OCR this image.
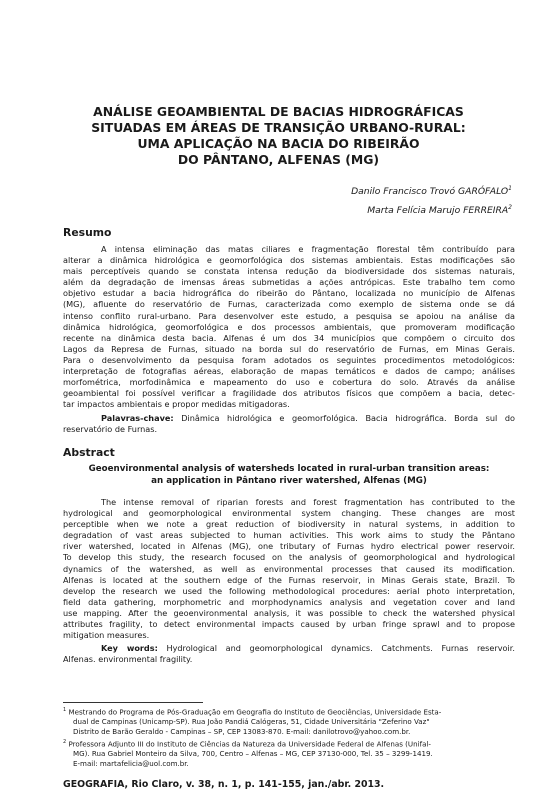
ANÁLISE GEOAMBIENTAL DE BACIAS HIDROGRÁFICAS
SITUADAS EM ÁREAS DE TRANSIÇÃO URBANO-RURAL:
UMA APLICAÇÃO NA BACIA DO RIBEIRÃO
DO PÂNTANO, ALFENAS (MG)
Danilo Francisco Trovó GARÓFALO$^1$
Marta Felícia Marujo FERREIRA$^2$
Resumo
A intensa eliminação das matas ciliares e fragmentação florestal têm contribuído para
alterar a dinâmica hidrológica e geomorfológica dos sistemas ambientais. Estas modificações são
mais perceptíveis quando se constata intensa redução da biodiversidade dos sistemas naturais,
além da degradação de imensas áreas submetidas a ações antrópicas. Este trabalho tem como
objetivo estudar a bacia hidrográfica do ribeirão do Pântano, localizada no município de Alfenas
(MG), afluente do reservatório de Furnas, caracterizada como exemplo de sistema onde se dá
intenso conflito rural-urbano. Para desenvolver este estudo, a pesquisa se apoiou na análise da
dinâmica hidrológica, geomorfológica e dos processos ambientais, que promoveram modificação
recente na dinâmica desta bacia. Alfenas é um dos 34 municípios que compõem o circuito dos
Lagos da Represa de Furnas, situado na borda sul do reservatório de Furnas, em Minas Gerais.
Para o desenvolvimento da pesquisa foram adotados os seguintes procedimentos metodológicos:
interpretação de fotografias aéreas, elaboração de mapas temáticos e dados de campo; análises
morfométrica, morfodinâmica e mapeamento do uso e cobertura do solo. Através da análise
geoambiental foi possível verificar a fragilidade dos atributos físicos que compõem a bacia, detec-
tar impactos ambientais e propor medidas mitigadoras.
Palavras-chave: Dinâmica hidrológica e geomorfológica. Bacia hidrográfica. Borda sul do
reservatório de Furnas.
Abstract
Geoenvironmental analysis of watersheds located in rural-urban transition areas:
an application in Pântano river watershed, Alfenas (MG)
The intense removal of riparian forests and forest fragmentation has contributed to the
hydrological and geomorphological environmental system changing. These changes are most
perceptible when we note a great reduction of biodiversity in natural systems, in addition to
degradation of vast areas subjected to human activities. This work aims to study the Pântano
river watershed, located in Alfenas (MG), one tributary of Furnas hydro electrical power reservoir.
To develop this study, the research focused on the analysis of geomorphological and hydrological
dynamics of the watershed, as well as environmental processes that caused its modification.
Alfenas is located at the southern edge of the Furnas reservoir, in Minas Gerais state, Brazil. To
develop the research we used the following methodological procedures: aerial photo interpretation,
field data gathering, morphometric and morphodynamics analysis and vegetation cover and land
use mapping. After the geoenvironmental analysis, it was possible to check the watershed physical
attributes fragility, to detect environmental impacts caused by urban fringe sprawl and to propose
mitigation measures.
Key words: Hydrological and geomorphological dynamics. Catchments. Furnas reservoir.
Alfenas. environmental fragility.
$^1$ Mestrando do Programa de Pós-Graduação em Geografia do Instituto de Geociências, Universidade Esta-
dual de Campinas (Unicamp-SP). Rua João Pandiá Calógeras, 51, Cidade Universitária "Zeferino Vaz"
Distrito de Barão Geraldo - Campinas – SP, CEP 13083-870. E-mail: danilotrovo@yahoo.com.br.
$^2$ Professora Adjunto III do Instituto de Ciências da Natureza da Universidade Federal de Alfenas (Unifal-
MG). Rua Gabriel Monteiro da Silva, 700, Centro – Alfenas – MG, CEP 37130-000, Tel. 35 – 3299-1419.
E-mail: martafelicia@uol.com.br.
GEOGRAFIA, Rio Claro, v. 38, n. 1, p. 141-155, jan./abr. 2013.
